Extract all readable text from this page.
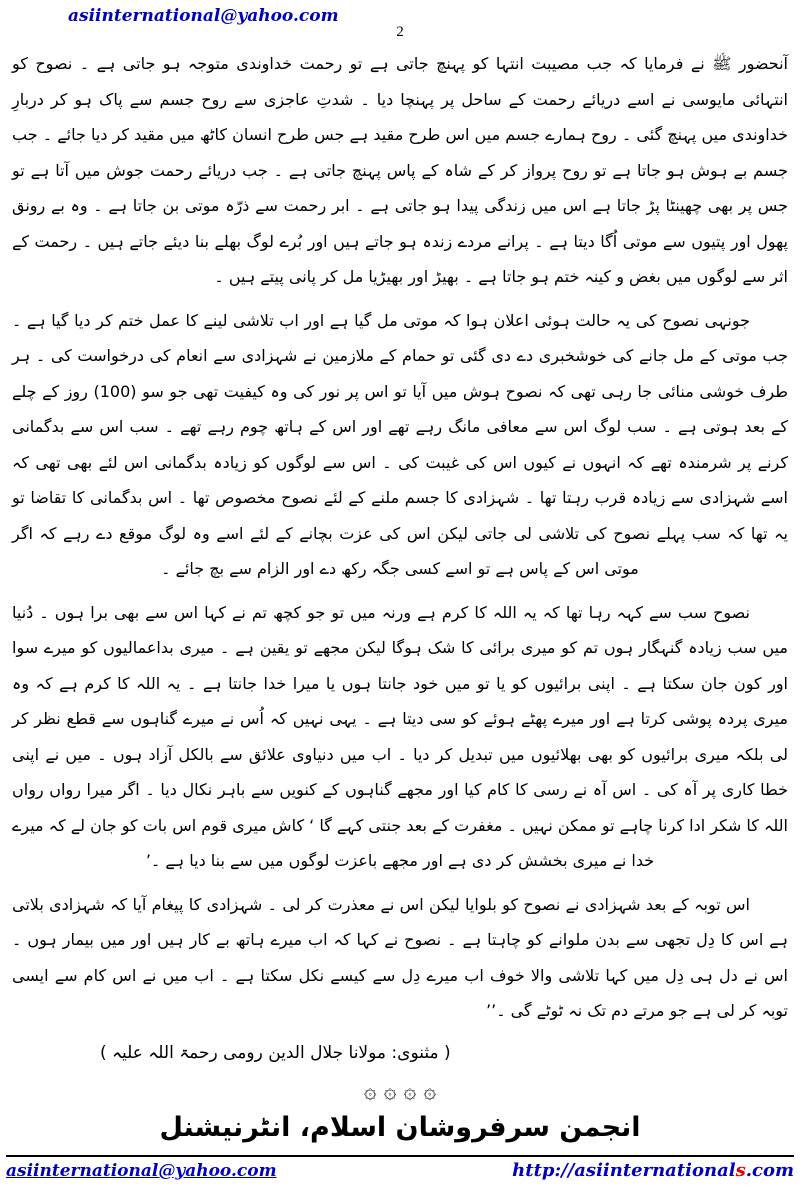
asiinternational@yahoo.com
2

آنحضور ﷺ نے فرمایا کہ جب مصیبت انتہا کو پہنچ جاتی ہے تو رحمت خداوندی متوجہ ہو جاتی ہے ۔ نصوح کو انتہائی مایوسی نے اسے دریائے رحمت کے ساحل پر پہنچا دیا ۔ شدتِ عاجزی سے روح جسم سے پاک ہو کر دربارِ خداوندی میں پہنچ گئی ۔ روح ہمارے جسم میں اس طرح مقید ہے جس طرح انسان کاٹھ میں مقید کر دیا جائے ۔ جب جسم بے ہوش ہو جاتا ہے تو روح پرواز کر کے شاہ کے پاس پہنچ جاتی ہے ۔ جب دریائے رحمت جوش میں آتا ہے تو جس پر بھی چھینٹا پڑ جاتا ہے اس میں زندگی پیدا ہو جاتی ہے ۔ ابر رحمت سے ذرّہ موتی بن جاتا ہے ۔ وہ بے رونق پھول اور پتیوں سے موتی اُگا دیتا ہے ۔ پرانے مردے زندہ ہو جاتے ہیں اور بُرے لوگ بھلے بنا دیئے جاتے ہیں ۔ رحمت کے اثر سے لوگوں میں بغض و کینہ ختم ہو جاتا ہے ۔ بھیڑ اور بھیڑیا مل کر پانی پیتے ہیں ۔

جونہی نصوح کی یہ حالت ہوئی اعلان ہوا کہ موتی مل گیا ہے اور اب تلاشی لینے کا عمل ختم کر دیا گیا ہے ۔ جب موتی کے مل جانے کی خوشخبری دے دی گئی تو حمام کے ملازمین نے شہزادی سے انعام کی درخواست کی ۔ ہر طرف خوشی منائی جا رہی تھی کہ نصوح ہوش میں آیا تو اس پر نور کی وہ کیفیت تھی جو سو (100) روز کے چلے کے بعد ہوتی ہے ۔ سب لوگ اس سے معافی مانگ رہے تھے اور اس کے ہاتھ چوم رہے تھے ۔ سب اس سے بدگمانی کرنے پر شرمندہ تھے کہ انہوں نے کیوں اس کی غیبت کی ۔ اس سے لوگوں کو زیادہ بدگمانی اس لئے بھی تھی کہ اسے شہزادی سے زیادہ قرب رہتا تھا ۔ شہزادی کا جسم ملنے کے لئے نصوح مخصوص تھا ۔ اس بدگمانی کا تقاضا تو یہ تھا کہ سب پہلے نصوح کی تلاشی لی جاتی لیکن اس کی عزت بچانے کے لئے اسے وہ لوگ موقع دے رہے کہ اگر موتی اس کے پاس ہے تو اسے کسی جگہ رکھ دے اور الزام سے بچ جائے ۔

نصوح سب سے کہہ رہا تھا کہ یہ اللہ کا کرم ہے ورنہ میں تو جو کچھ تم نے کہا اس سے بھی برا ہوں ۔ دُنیا میں سب زیادہ گنہگار ہوں تم کو میری برائی کا شک ہوگا لیکن مجھے تو یقین ہے ۔ میری بداعمالیوں کو میرے سوا اور کون جان سکتا ہے ۔ اپنی برائیوں کو یا تو میں خود جانتا ہوں یا میرا خدا جانتا ہے ۔ یہ اللہ کا کرم ہے کہ وہ میری پردہ پوشی کرتا ہے اور میرے پھٹے ہوئے کو سی دیتا ہے ۔ یہی نہیں کہ اُس نے میرے گناہوں سے قطع نظر کر لی بلکہ میری برائیوں کو بھی بھلائیوں میں تبدیل کر دیا ۔ اب میں دنیاوی علائق سے بالکل آزاد ہوں ۔ میں نے اپنی خطا کاری پر آہ کی ۔ اس آہ نے رسی کا کام کیا اور مجھے گناہوں کے کنویں سے باہر نکال دیا ۔ اگر میرا رواں رواں اللہ کا شکر ادا کرنا چاہے تو ممکن نہیں ۔ مغفرت کے بعد جنتی کہے گا ‘ کاش میری قوم اس بات کو جان لے کہ میرے خدا نے میری بخشش کر دی ہے اور مجھے باعزت لوگوں میں سے بنا دیا ہے ۔’

اس توبہ کے بعد شہزادی نے نصوح کو بلوایا لیکن اس نے معذرت کر لی ۔ شہزادی کا پیغام آیا کہ شہزادی بلاتی ہے اس کا دِل تجھی سے بدن ملوانے کو چاہتا ہے ۔ نصوح نے کہا کہ اب میرے ہاتھ بے کار ہیں اور میں بیمار ہوں ۔ اس نے دل ہی دِل میں کہا تلاشی والا خوف اب میرے دِل سے کیسے نکل سکتا ہے ۔ اب میں نے اس کام سے ایسی توبہ کر لی ہے جو مرتے دم تک نہ ٹوٹے گی ۔’’

( مثنوی: مولانا جلال الدین رومی رحمۃ اللہ علیہ )
۞ ۞ ۞ ۞
انجمن سرفروشان اسلام، انٹرنیشنل
asiinternational@yahoo.com	http://asiinternationals.com
